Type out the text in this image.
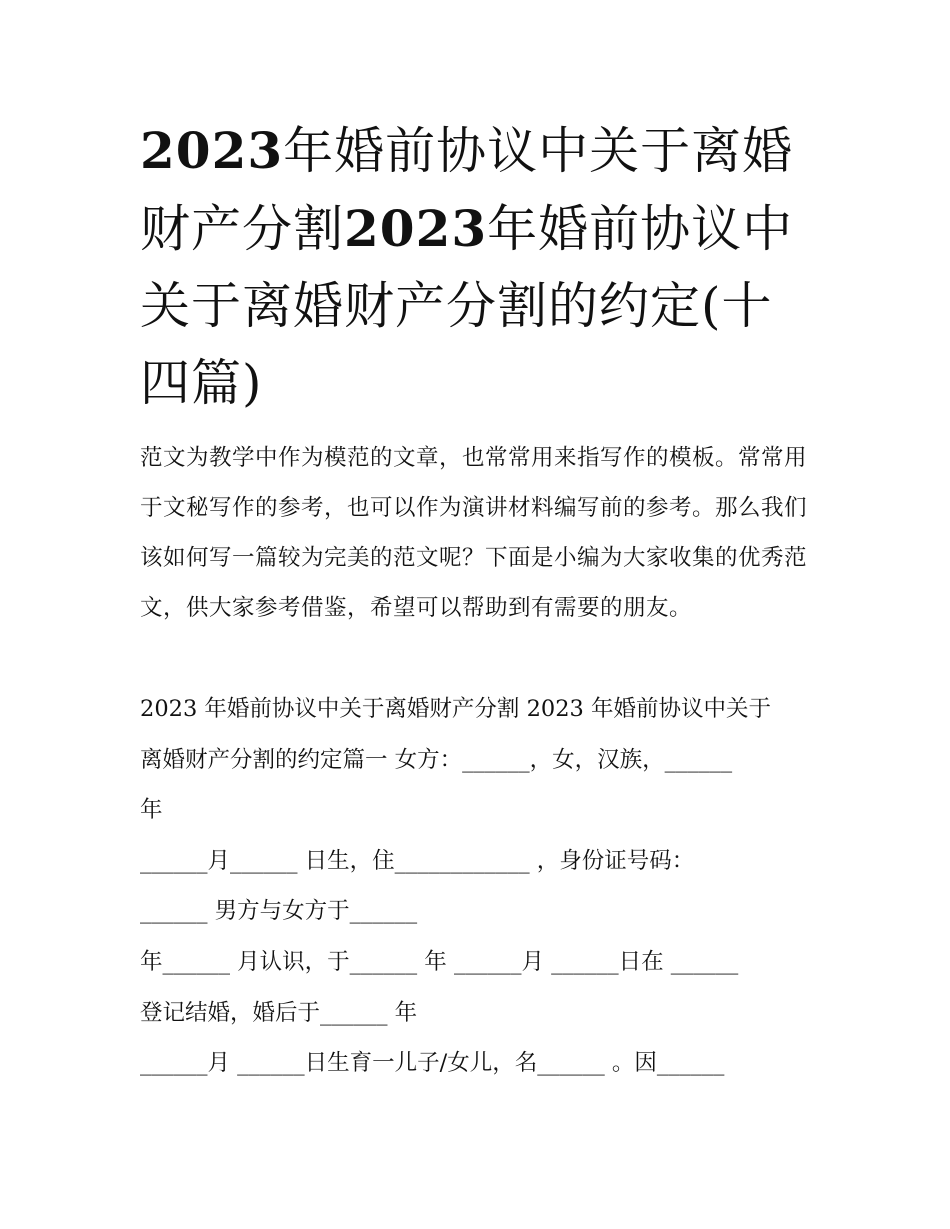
2023年婚前协议中关于离婚财产分割2023年婚前协议中关于离婚财产分割的约定(十四篇)

范文为教学中作为模范的文章，也常常用来指写作的模板。常常用于文秘写作的参考，也可以作为演讲材料编写前的参考。那么我们该如何写一篇较为完美的范文呢？下面是小编为大家收集的优秀范文，供大家参考借鉴，希望可以帮助到有需要的朋友。

2023 年婚前协议中关于离婚财产分割 2023 年婚前协议中关于
离婚财产分割的约定篇一 女方：______，女，汉族，______
年
______月______ 日生，住____________ ，身份证号码：
______ 男方与女方于______
年______ 月认识，于______ 年 ______月 ______日在 ______
登记结婚，婚后于______ 年
______月 ______日生育一儿子/女儿，名______ 。因______
